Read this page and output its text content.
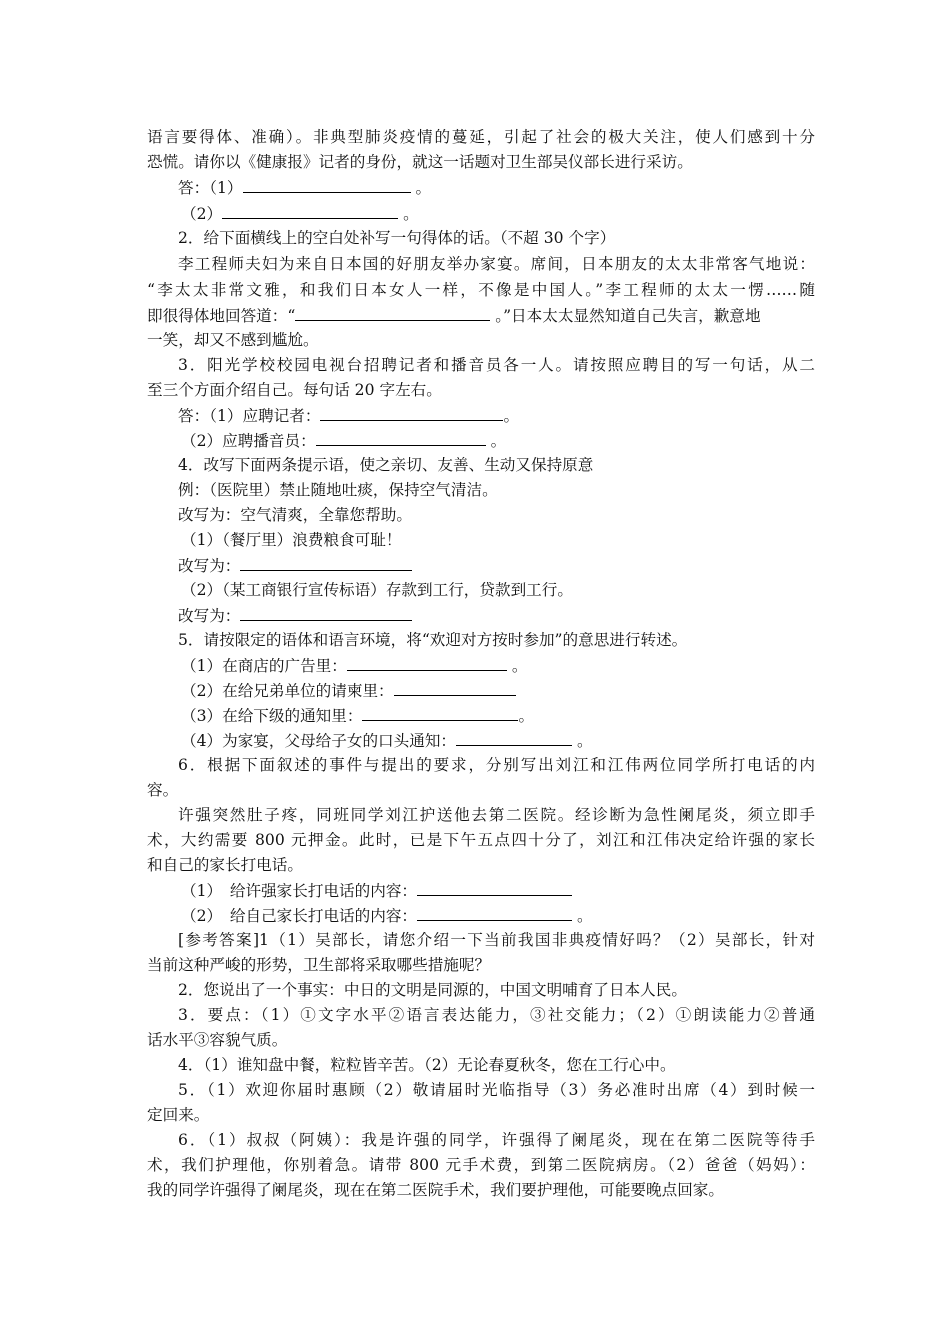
语言要得体、准确）。非典型肺炎疫情的蔓延，引起了社会的极大关注，使人们感到十分
恐慌。请你以《健康报》记者的身份，就这一话题对卫生部吴仪部长进行采访。
答：（1）	。
（2）	。
2．给下面横线上的空白处补写一句得体的话。（不超 30 个字）
李工程师夫妇为来自日本国的好朋友举办家宴。席间，日本朋友的太太非常客气地说：
“李太太非常文雅，和我们日本女人一样，不像是中国人。”李工程师的太太一愣……随
即很得体地回答道：“	。”日本太太显然知道自己失言，歉意地
一笑，却又不感到尴尬。
3．阳光学校校园电视台招聘记者和播音员各一人。请按照应聘目的写一句话，从二
至三个方面介绍自己。每句话 20 字左右。
答：（1）应聘记者：	。
（2）应聘播音员：	。
4．改写下面两条提示语，使之亲切、友善、生动又保持原意
例：（医院里）禁止随地吐痰，保持空气清洁。
改写为：空气清爽，全靠您帮助。
（1）（餐厅里）浪费粮食可耻！
改写为：
（2）（某工商银行宣传标语）存款到工行，贷款到工行。
改写为：
5．请按限定的语体和语言环境，将“欢迎对方按时参加”的意思进行转述。
（1）在商店的广告里：	。
（2）在给兄弟单位的请柬里：
（3）在给下级的通知里：	。
（4）为家宴，父母给子女的口头通知：	。
6．根据下面叙述的事件与提出的要求，分别写出刘江和江伟两位同学所打电话的内
容。
许强突然肚子疼，同班同学刘江护送他去第二医院。经诊断为急性阑尾炎，须立即手
术，大约需要 800 元押金。此时，已是下午五点四十分了，刘江和江伟决定给许强的家长
和自己的家长打电话。
（1）　给许强家长打电话的内容：
（2）　给自己家长打电话的内容：	。
[参考答案]1（1）吴部长，请您介绍一下当前我国非典疫情好吗？（2）吴部长，针对
当前这种严峻的形势，卫生部将采取哪些措施呢？
2．您说出了一个事实：中日的文明是同源的，中国文明哺育了日本人民。
3．要点：（1）①文字水平②语言表达能力，③社交能力；（2）①朗读能力②普通
话水平③容貌气质。
4．（1）谁知盘中餐，粒粒皆辛苦。（2）无论春夏秋冬，您在工行心中。
5．（1）欢迎你届时惠顾（2）敬请届时光临指导（3）务必准时出席（4）到时候一
定回来。
6．（1）叔叔（阿姨）：我是许强的同学，许强得了阑尾炎，现在在第二医院等待手
术，我们护理他，你别着急。请带 800 元手术费，到第二医院病房。（2）爸爸（妈妈）：
我的同学许强得了阑尾炎，现在在第二医院手术，我们要护理他，可能要晚点回家。
